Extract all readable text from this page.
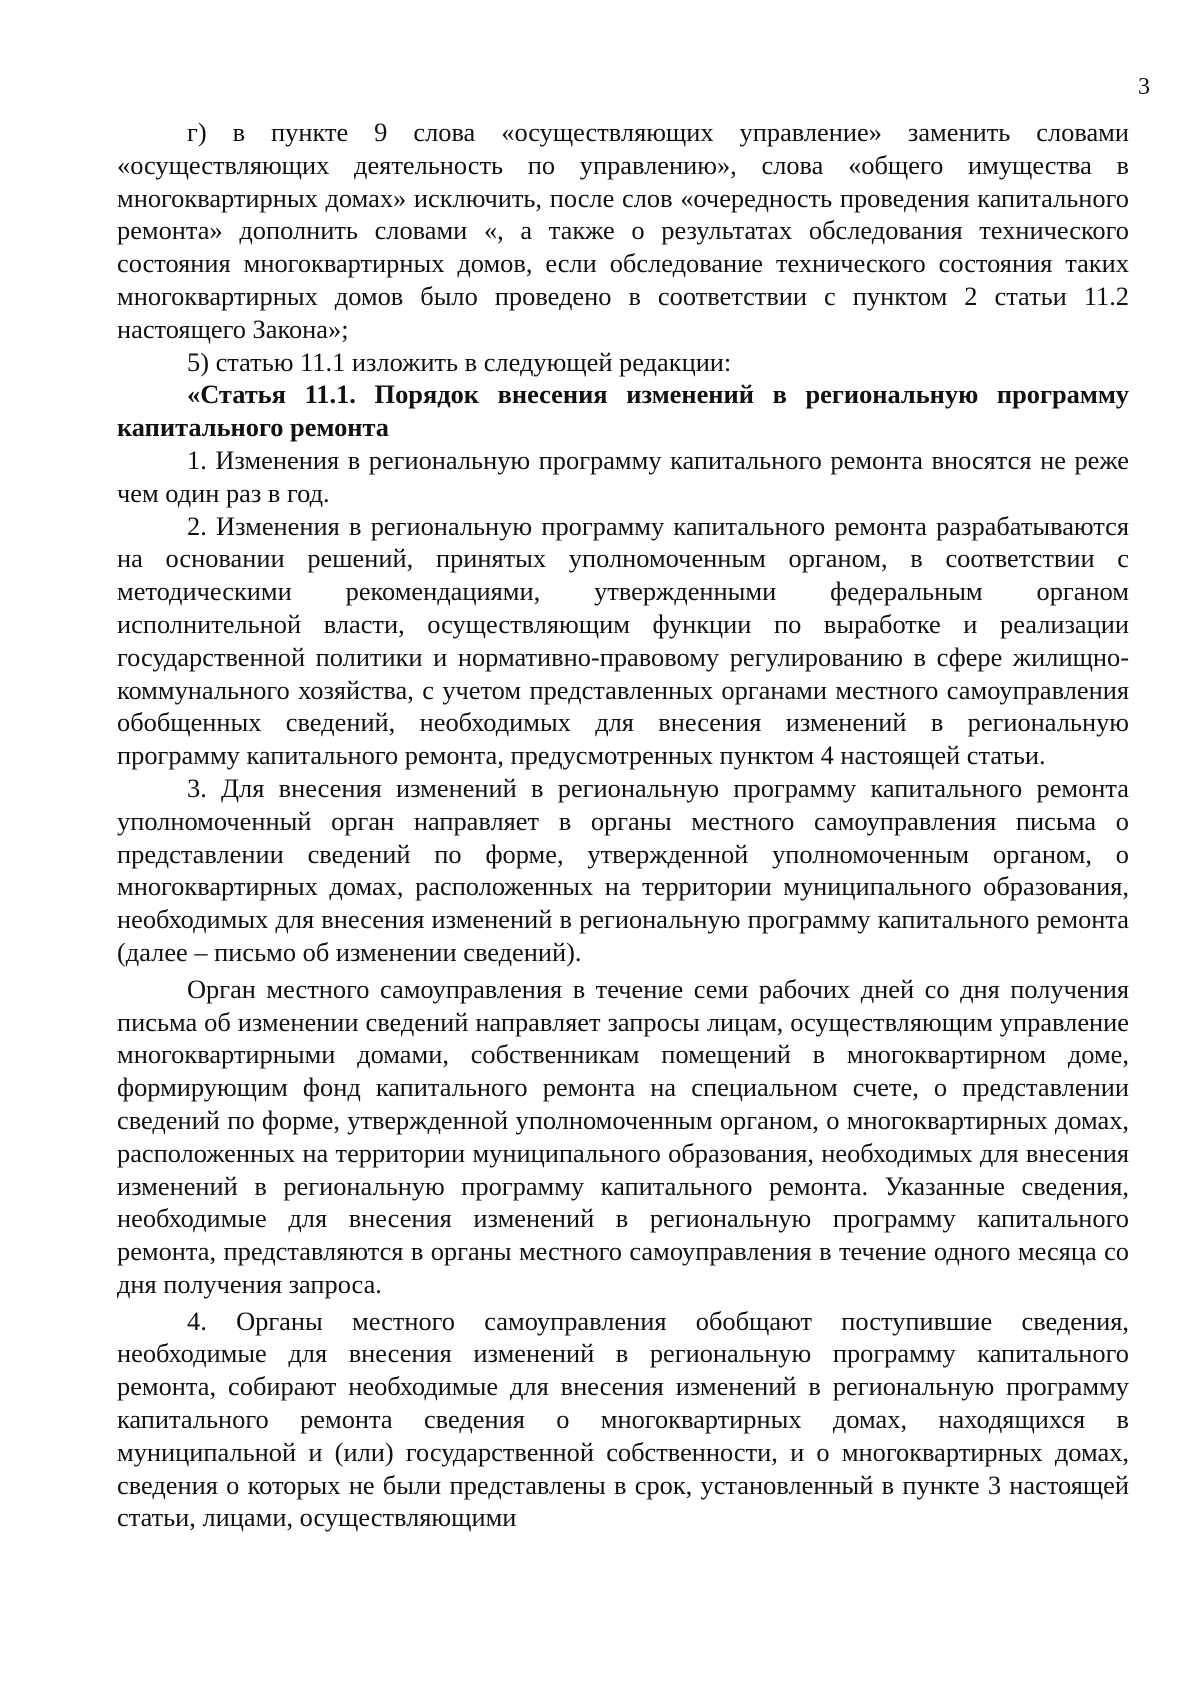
3

г) в пункте 9 слова «осуществляющих управление» заменить словами «осуществляющих деятельность по управлению», слова «общего имущества в многоквартирных домах» исключить, после слов «очередность проведения капитального ремонта» дополнить словами «, а также о результатах обследования технического состояния многоквартирных домов, если обследование технического состояния таких многоквартирных домов было проведено в соответствии с пунктом 2 статьи 11.2 настоящего Закона»;

5) статью 11.1 изложить в следующей редакции:

«Статья 11.1. Порядок внесения изменений в региональную программу капитального ремонта

1. Изменения в региональную программу капитального ремонта вносятся не реже чем один раз в год.

2. Изменения в региональную программу капитального ремонта разрабатываются на основании решений, принятых уполномоченным органом, в соответствии с методическими рекомендациями, утвержденными федеральным органом исполнительной власти, осуществляющим функции по выработке и реализации государственной политики и нормативно-правовому регулированию в сфере жилищно-коммунального хозяйства, с учетом представленных органами местного самоуправления обобщенных сведений, необходимых для внесения изменений в региональную программу капитального ремонта, предусмотренных пунктом 4 настоящей статьи.

3. Для внесения изменений в региональную программу капитального ремонта уполномоченный орган направляет в органы местного самоуправления письма о представлении сведений по форме, утвержденной уполномоченным органом, о многоквартирных домах, расположенных на территории муниципального образования, необходимых для внесения изменений в региональную программу капитального ремонта (далее – письмо об изменении сведений).

Орган местного самоуправления в течение семи рабочих дней со дня получения письма об изменении сведений направляет запросы лицам, осуществляющим управление многоквартирными домами, собственникам помещений в многоквартирном доме, формирующим фонд капитального ремонта на специальном счете, о представлении сведений по форме, утвержденной уполномоченным органом, о многоквартирных домах, расположенных на территории муниципального образования, необходимых для внесения изменений в региональную программу капитального ремонта. Указанные сведения, необходимые для внесения изменений в региональную программу капитального ремонта, представляются в органы местного самоуправления в течение одного месяца со дня получения запроса.

4. Органы местного самоуправления обобщают поступившие сведения, необходимые для внесения изменений в региональную программу капитального ремонта, собирают необходимые для внесения изменений в региональную программу капитального ремонта сведения о многоквартирных домах, находящихся в муниципальной и (или) государственной собственности, и о многоквартирных домах, сведения о которых не были представлены в срок, установленный в пункте 3 настоящей статьи, лицами, осуществляющими
